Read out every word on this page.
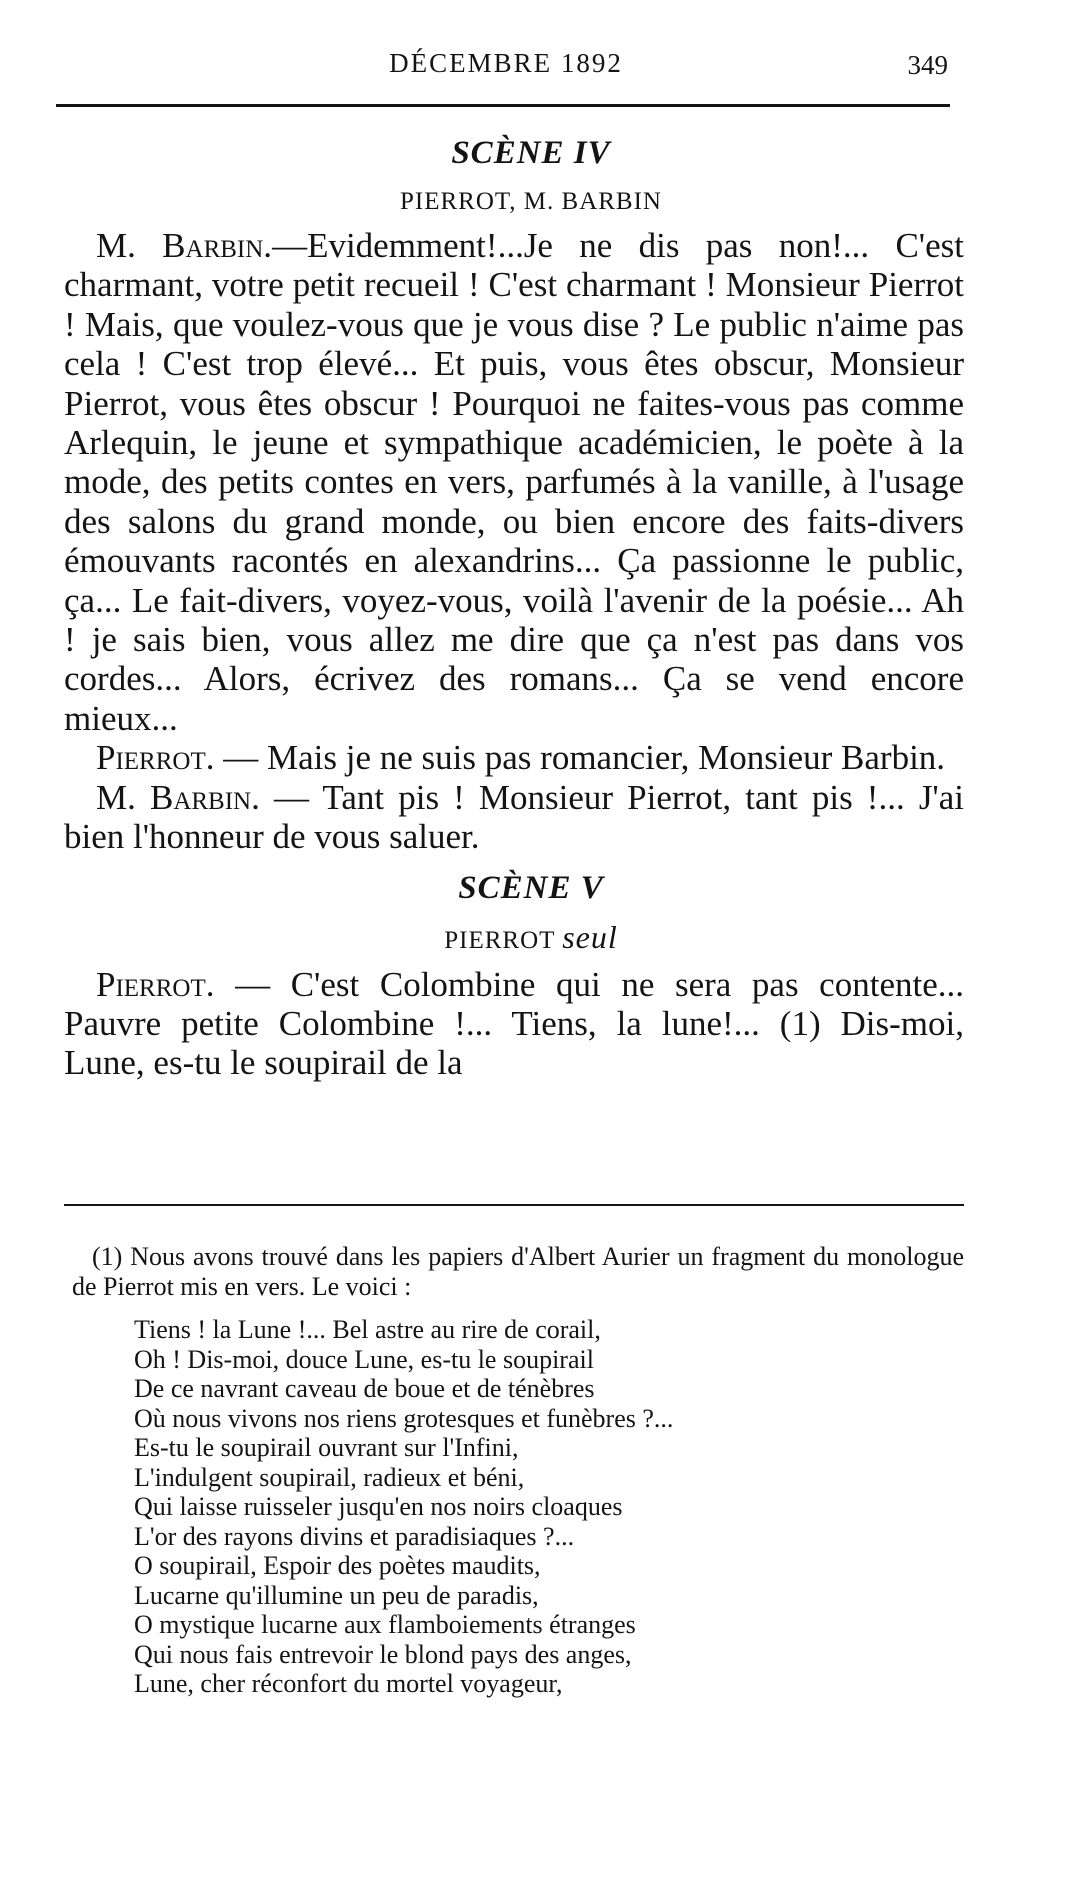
DÉCEMBRE 1892	349
SCÈNE IV
PIERROT, M. BARBIN

M. Barbin.—Evidemment!...Je ne dis pas non!... C'est charmant, votre petit recueil ! C'est charmant ! Monsieur Pierrot ! Mais, que voulez-vous que je vous dise ? Le public n'aime pas cela ! C'est trop élevé... Et puis, vous êtes obscur, Monsieur Pierrot, vous êtes obscur ! Pourquoi ne faites-vous pas comme Arlequin, le jeune et sympathique académicien, le poète à la mode, des petits contes en vers, parfumés à la vanille, à l'usage des salons du grand monde, ou bien encore des faits-divers émouvants racontés en alexandrins... Ça passionne le public, ça... Le fait-divers, voyez-vous, voilà l'avenir de la poésie... Ah ! je sais bien, vous allez me dire que ça n'est pas dans vos cordes... Alors, écrivez des romans... Ça se vend encore mieux...

Pierrot. — Mais je ne suis pas romancier, Monsieur Barbin.

M. Barbin. — Tant pis ! Monsieur Pierrot, tant pis !... J'ai bien l'honneur de vous saluer.

SCÈNE V
PIERROT seul

Pierrot. — C'est Colombine qui ne sera pas contente... Pauvre petite Colombine !... Tiens, la lune!... (1) Dis-moi, Lune, es-tu le soupirail de la

(1) Nous avons trouvé dans les papiers d'Albert Aurier un fragment du monologue de Pierrot mis en vers. Le voici :

Tiens ! la Lune !... Bel astre au rire de corail,
Oh ! Dis-moi, douce Lune, es-tu le soupirail
De ce navrant caveau de boue et de ténèbres
Où nous vivons nos riens grotesques et funèbres ?...
Es-tu le soupirail ouvrant sur l'Infini,
L'indulgent soupirail, radieux et béni,
Qui laisse ruisseler jusqu'en nos noirs cloaques
L'or des rayons divins et paradisiaques ?...
O soupirail, Espoir des poètes maudits,
Lucarne qu'illumine un peu de paradis,
O mystique lucarne aux flamboiements étranges
Qui nous fais entrevoir le blond pays des anges,
Lune, cher réconfort du mortel voyageur,
